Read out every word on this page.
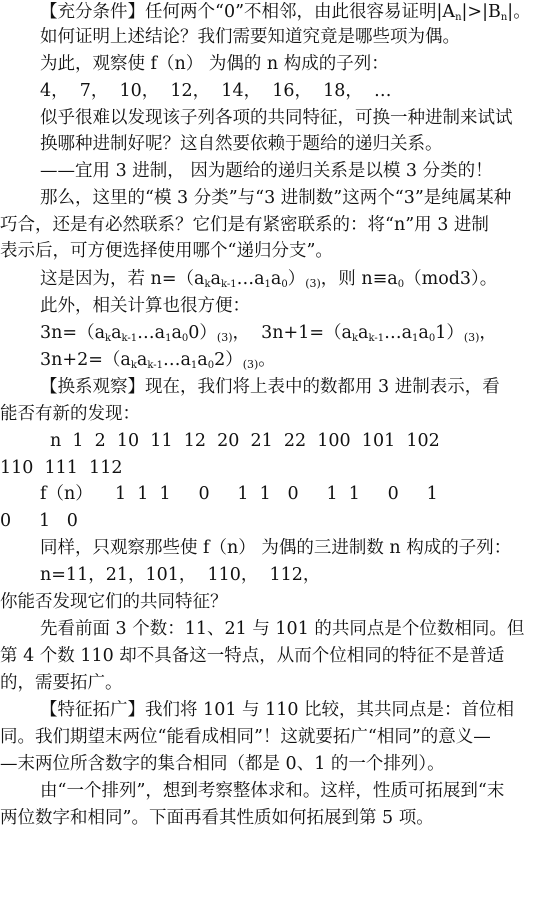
【充分条件】任何两个“0”不相邻，由此很容易证明$|A_n|>|B_n|$。
如何证明上述结论？我们需要知道究竟是哪些项为偶。
为此，观察使 f（n） 为偶的 n 构成的子列：
4，  7，  10，  12，  14，  16，  18，  …
似乎很难以发现该子列各项的共同特征，可换一种进制来试试
换哪种进制好呢？这自然要依赖于题给的递归关系。
——宜用 3 进制， 因为题给的递归关系是以模 3 分类的！
那么，这里的“模 3 分类”与“3 进制数”这两个“3”是纯属某种
巧合，还是有必然联系？它们是有紧密联系的：将“n”用 3 进制
表示后，可方便选择使用哪个“递归分支”。
这是因为，若 $n=(a_ka_{k-1}\dots a_1a_0)(3)$，则 $n\equiv a_0(mod3)$。
此外，相关计算也很方便：
$3n=(a_ka_{k-1}\dots a_1a_00)(3)$，  $3n+1=(a_ka_{k-1}\dots a_1a_01)(3)$，
$3n+2=(a_ka_{k-1}\dots a_1a_02)(3)$。
【换系观察】现在，我们将上表中的数都用 3 进制表示，看
能否有新的发现：
n  1  2  10  11  12  20  21  22  100  101  102
110  111  112
f（n）    1  1  1     0     1  1   0     1  1     0     1
0     1   0
同样，只观察那些使 f（n） 为偶的三进制数 n 构成的子列：
n=11，21，101，  110，  112，
你能否发现它们的共同特征？
先看前面 3 个数：11、21 与 101 的共同点是个位数相同。但
第 4 个数 110 却不具备这一特点，从而个位相同的特征不是普适
的，需要拓广。
【特征拓广】我们将 101 与 110 比较，其共同点是：首位相
同。我们期望末两位“能看成相同”！这就要拓广“相同”的意义—
—末两位所含数字的集合相同（都是 0、1 的一个排列）。
由“一个排列”，想到考察整体求和。这样，性质可拓展到“末
两位数字和相同”。下面再看其性质如何拓展到第 5 项。
